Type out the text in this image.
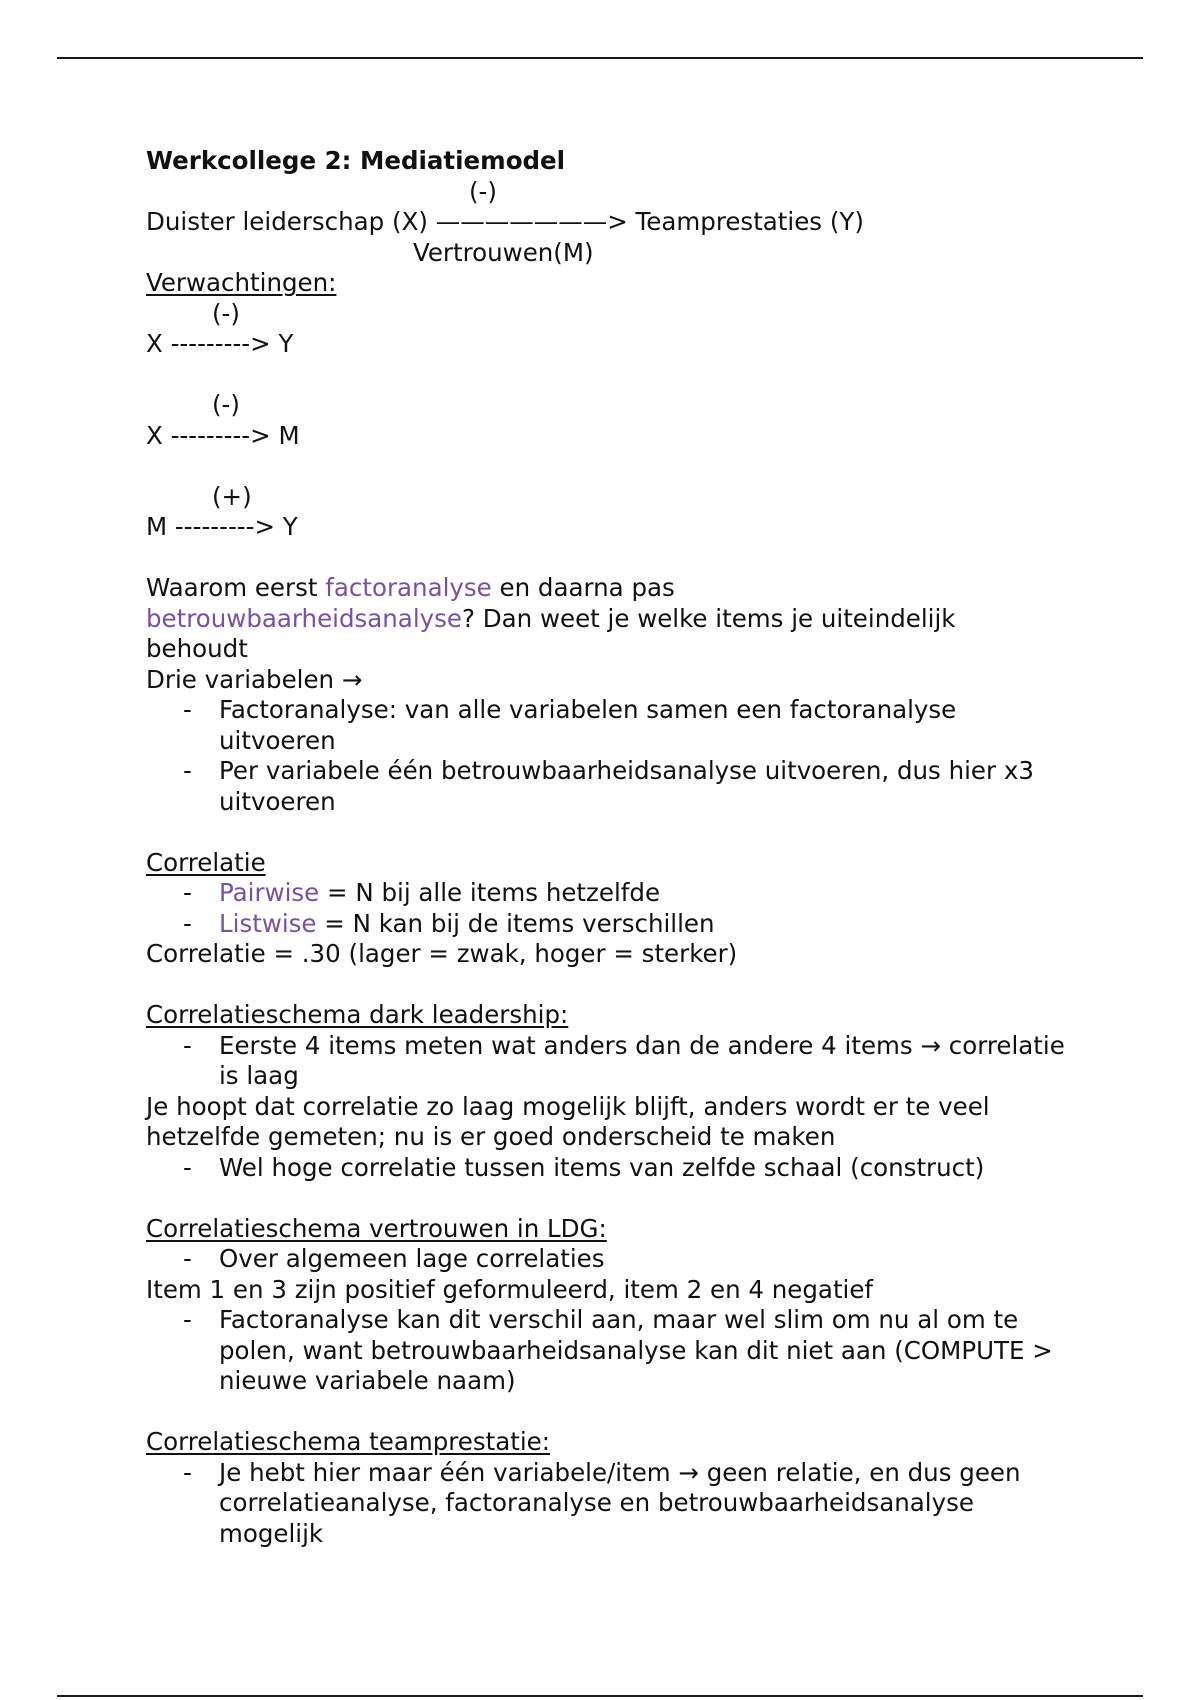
Werkcollege 2: Mediatiemodel
(-)
Duister leiderschap (X) ———————> Teamprestaties (Y)
Vertrouwen(M)
Verwachtingen:
(-)
X ---------> Y
(-)
X ---------> M
(+)
M ---------> Y
Waarom eerst factoranalyse en daarna pas
betrouwbaarheidsanalyse? Dan weet je welke items je uiteindelijk
behoudt
Drie variabelen →
- Factoranalyse: van alle variabelen samen een factoranalyse uitvoeren
- Per variabele één betrouwbaarheidsanalyse uitvoeren, dus hier x3 uitvoeren
Correlatie
- Pairwise = N bij alle items hetzelfde
- Listwise = N kan bij de items verschillen
Correlatie = .30 (lager = zwak, hoger = sterker)
Correlatieschema dark leadership:
- Eerste 4 items meten wat anders dan de andere 4 items → correlatie is laag
Je hoopt dat correlatie zo laag mogelijk blijft, anders wordt er te veel hetzelfde gemeten; nu is er goed onderscheid te maken
- Wel hoge correlatie tussen items van zelfde schaal (construct)
Correlatieschema vertrouwen in LDG:
- Over algemeen lage correlaties
Item 1 en 3 zijn positief geformuleerd, item 2 en 4 negatief
- Factoranalyse kan dit verschil aan, maar wel slim om nu al om te polen, want betrouwbaarheidsanalyse kan dit niet aan (COMPUTE > nieuwe variabele naam)
Correlatieschema teamprestatie:
- Je hebt hier maar één variabele/item → geen relatie, en dus geen correlatieanalyse, factoranalyse en betrouwbaarheidsanalyse mogelijk
